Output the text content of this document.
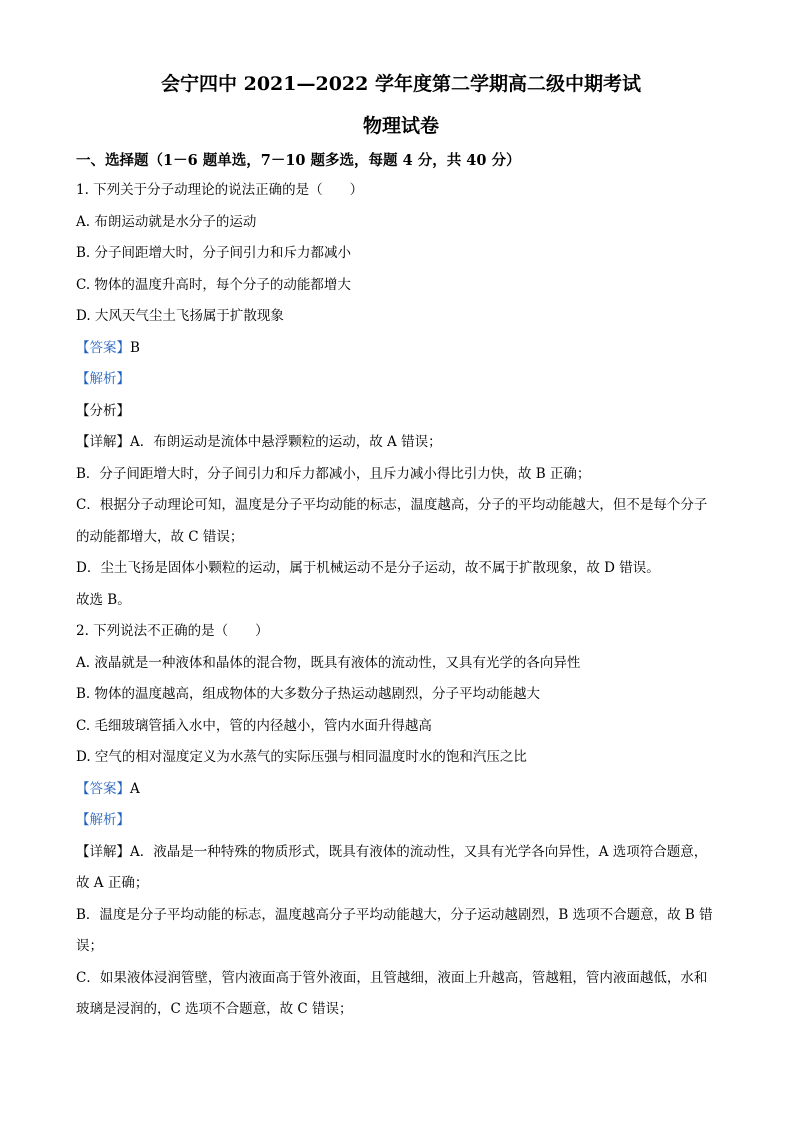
会宁四中 2021—2022 学年度第二学期高二级中期考试

物理试卷

一、选择题（1－6 题单选，7－10 题多选，每题 4 分，共 40 分）

1. 下列关于分子动理论的说法正确的是（　　）

A. 布朗运动就是水分子的运动

B. 分子间距增大时，分子间引力和斥力都减小

C. 物体的温度升高时，每个分子的动能都增大

D. 大风天气尘土飞扬属于扩散现象

【答案】B

【解析】

【分析】

【详解】A．布朗运动是流体中悬浮颗粒的运动，故 A 错误；

B．分子间距增大时，分子间引力和斥力都减小，且斥力减小得比引力快，故 B 正确；

C．根据分子动理论可知，温度是分子平均动能的标志，温度越高，分子的平均动能越大，但不是每个分子

的动能都增大，故 C 错误；

D．尘土飞扬是固体小颗粒的运动，属于机械运动不是分子运动，故不属于扩散现象，故 D 错误。

故选 B。

2. 下列说法不正确的是（　　）

A. 液晶就是一种液体和晶体的混合物，既具有液体的流动性，又具有光学的各向异性

B. 物体的温度越高，组成物体的大多数分子热运动越剧烈，分子平均动能越大

C. 毛细玻璃管插入水中，管的内径越小，管内水面升得越高

D. 空气的相对湿度定义为水蒸气的实际压强与相同温度时水的饱和汽压之比

【答案】A

【解析】

【详解】A．液晶是一种特殊的物质形式，既具有液体的流动性，又具有光学各向异性，A 选项符合题意，

故 A 正确；

B．温度是分子平均动能的标志，温度越高分子平均动能越大，分子运动越剧烈，B 选项不合题意，故 B 错

误；

C．如果液体浸润管壁，管内液面高于管外液面，且管越细，液面上升越高，管越粗，管内液面越低，水和

玻璃是浸润的，C 选项不合题意，故 C 错误；
